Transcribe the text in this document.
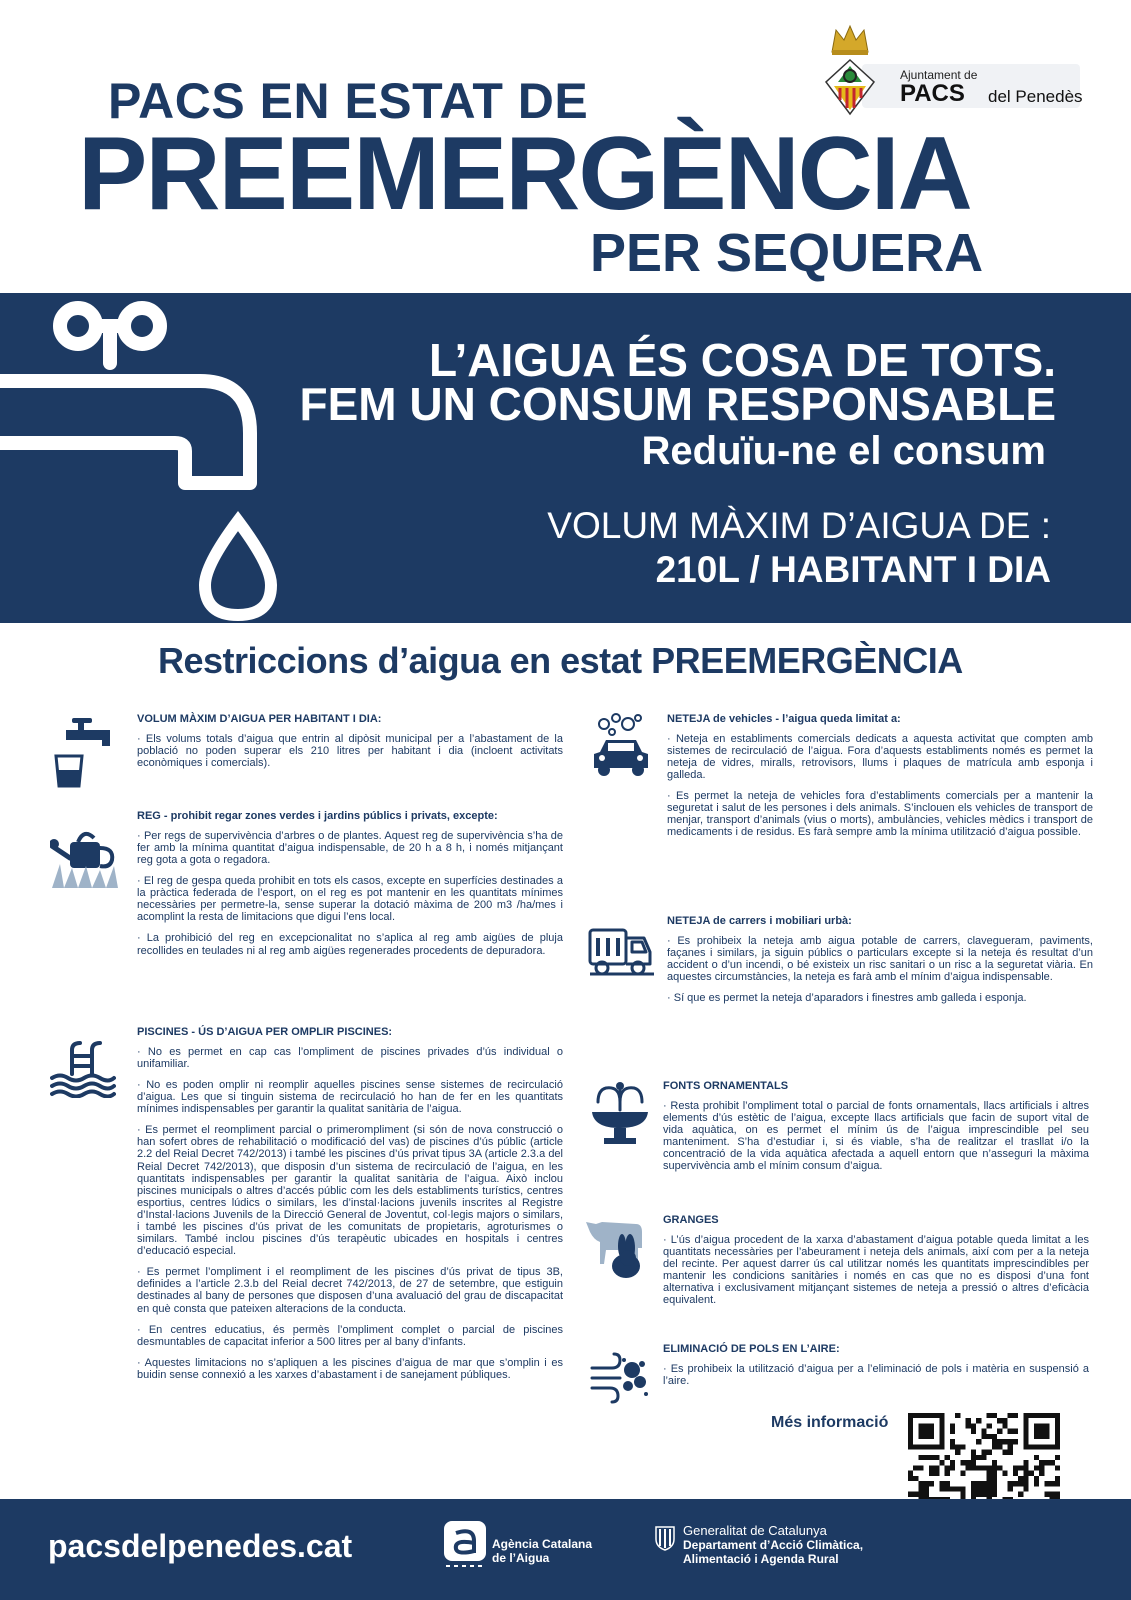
PACS EN ESTAT DE
PREEMERGÈNCIA
PER SEQUERA
Ajuntament de
PACS del Penedès
L’AIGUA ÉS COSA DE TOTS.
FEM UN CONSUM RESPONSABLE
Reduïu-ne el consum
VOLUM MÀXIM D’AIGUA DE :
210L / HABITANT I DIA
Restriccions d’aigua en estat PREEMERGÈNCIA
VOLUM MÀXIM D’AIGUA PER HABITANT I DIA:
· Els volums totals d’aigua que entrin al dipòsit municipal per a l’abastament de la població no poden superar els 210 litres per habitant i dia (incloent activitats econòmiques i comercials).
REG - prohibit regar zones verdes i jardins públics i privats, excepte:
· Per regs de supervivència d’arbres o de plantes. Aquest reg de supervivència s’ha de fer amb la mínima quantitat d’aigua indispensable, de 20 h a 8 h, i només mitjançant reg gota a gota o regadora.
· El reg de gespa queda prohibit en tots els casos, excepte en superfícies destinades a la pràctica federada de l’esport, on el reg es pot mantenir en les quantitats mínimes necessàries per permetre-la, sense superar la dotació màxima de 200 m3 /ha/mes i acomplint la resta de limitacions que digui l’ens local.
· La prohibició del reg en excepcionalitat no s’aplica al reg amb aigües de pluja recollides en teulades ni al reg amb aigües regenerades procedents de depuradora.
PISCINES - ÚS D’AIGUA PER OMPLIR PISCINES:
· No es permet en cap cas l’ompliment de piscines privades d’ús individual o unifamiliar.
· No es poden omplir ni reomplir aquelles piscines sense sistemes de recirculació d’aigua. Les que si tinguin sistema de recirculació ho han de fer en les quantitats mínimes indispensables per garantir la qualitat sanitària de l’aigua.
· Es permet el reompliment parcial o primerompliment (si són de nova construcció o han sofert obres de rehabilitació o modificació del vas) de piscines d’ús públic (article 2.2 del Reial Decret 742/2013) i també les piscines d’ús privat tipus 3A (article 2.3.a del Reial Decret 742/2013), que disposin d’un sistema de recirculació de l’aigua, en les quantitats indispensables per garantir la qualitat sanitària de l’aigua. Això inclou piscines municipals o altres d’accés públic com les dels establiments turístics, centres esportius, centres lúdics o similars, les d’instal·lacions juvenils inscrites al Registre d’Instal·lacions Juvenils de la Direcció General de Joventut, col·legis majors o similars, i també les piscines d’ús privat de les comunitats de propietaris, agroturismes o similars. També inclou piscines d’ús terapèutic ubicades en hospitals i centres d’educació especial.
· Es permet l’ompliment i el reompliment de les piscines d’ús privat de tipus 3B, definides a l’article 2.3.b del Reial decret 742/2013, de 27 de setembre, que estiguin destinades al bany de persones que disposen d’una avaluació del grau de discapacitat en què consta que pateixen alteracions de la conducta.
· En centres educatius, és permès l’ompliment complet o parcial de piscines desmuntables de capacitat inferior a 500 litres per al bany d’infants.
· Aquestes limitacions no s’apliquen a les piscines d’aigua de mar que s’omplin i es buidin sense connexió a les xarxes d’abastament i de sanejament públiques.
NETEJA de vehicles - l’aigua queda limitat a:
· Neteja en establiments comercials dedicats a aquesta activitat que compten amb sistemes de recirculació de l’aigua. Fora d’aquests establiments només es permet la neteja de vidres, miralls, retrovisors, llums i plaques de matrícula amb esponja i galleda.
· Es permet la neteja de vehicles fora d’establiments comercials per a mantenir la seguretat i salut de les persones i dels animals. S’inclouen els vehicles de transport de menjar, transport d’animals (vius o morts), ambulàncies, vehicles mèdics i transport de medicaments i de residus. Es farà sempre amb la mínima utilització d’aigua possible.
NETEJA de carrers i mobiliari urbà:
· Es prohibeix la neteja amb aigua potable de carrers, clavegueram, paviments, façanes i similars, ja siguin públics o particulars excepte si la neteja és resultat d’un accident o d’un incendi, o bé existeix un risc sanitari o un risc a la seguretat viària. En aquestes circumstàncies, la neteja es farà amb el mínim d’aigua indispensable.
· Sí que es permet la neteja d’aparadors i finestres amb galleda i esponja.
FONTS ORNAMENTALS
· Resta prohibit l’ompliment total o parcial de fonts ornamentals, llacs artificials i altres elements d’ús estètic de l’aigua, excepte llacs artificials que facin de suport vital de vida aquàtica, on es permet el mínim ús de l’aigua imprescindible pel seu manteniment. S’ha d’estudiar i, si és viable, s’ha de realitzar el trasllat i/o la concentració de la vida aquàtica afectada a aquell entorn que n’asseguri la màxima supervivència amb el mínim consum d’aigua.
GRANGES
· L’ús d’aigua procedent de la xarxa d’abastament d’aigua potable queda limitat a les quantitats necessàries per l’abeurament i neteja dels animals, així com per a la neteja del recinte. Per aquest darrer ús cal utilitzar només les quantitats imprescindibles per mantenir les condicions sanitàries i només en cas que no es disposi d’una font alternativa i exclusivament mitjançant sistemes de neteja a pressió o altres d’eficàcia equivalent.
ELIMINACIÓ DE POLS EN L’AIRE:
· Es prohibeix la utilització d’aigua per a l’eliminació de pols i matèria en suspensió a l’aire.
Més informació
pacsdelpenedes.cat	Agència Catalana
de l’Aigua
Generalitat de Catalunya
Departament d’Acció Climàtica,
Alimentació i Agenda Rural
